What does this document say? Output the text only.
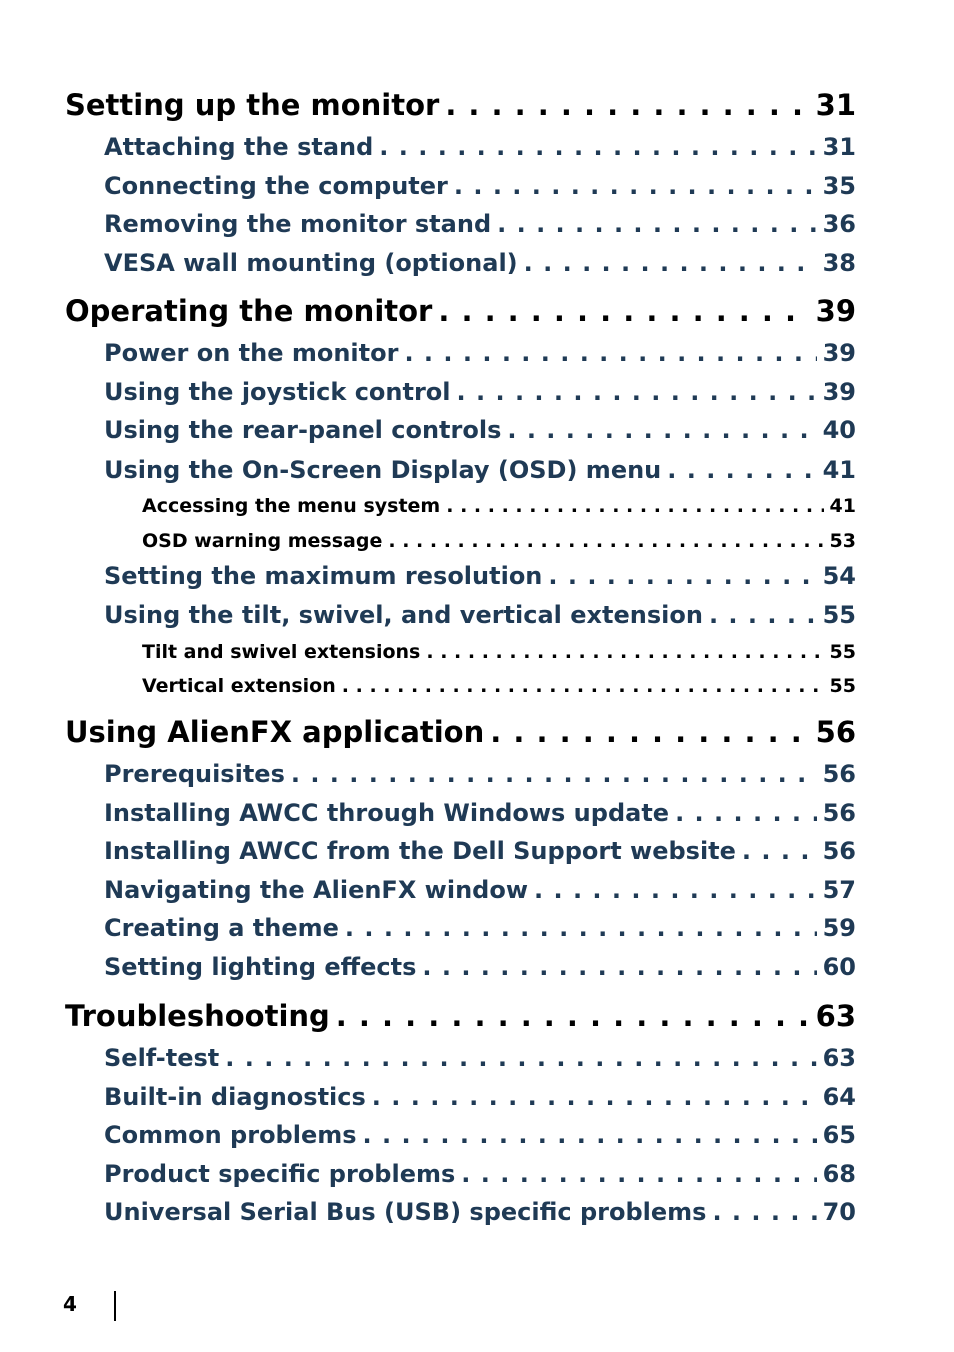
Setting up the monitor . . .	31
Attaching the stand . . .	31
Connecting the computer . . .	35
Removing the monitor stand . . .	36
VESA wall mounting (optional) . . .	38
Operating the monitor . . .	39
Power on the monitor . . .	39
Using the joystick control . . .	39
Using the rear-panel controls . . .	40
Using the On-Screen Display (OSD) menu . . .	41
Accessing the menu system . . .	41
OSD warning message . . .	53
Setting the maximum resolution . . .	54
Using the tilt, swivel, and vertical extension . . .	55
Tilt and swivel extensions . . .	55
Vertical extension . . .	55
Using AlienFX application . . .	56
Prerequisites . . .	56
Installing AWCC through Windows update . . .	56
Installing AWCC from the Dell Support website . . .	56
Navigating the AlienFX window . . .	57
Creating a theme . . .	59
Setting lighting effects . . .	60
Troubleshooting . . .	63
Self-test . . .	63
Built-in diagnostics . . .	64
Common problems . . .	65
Product specific problems . . .	68
Universal Serial Bus (USB) specific problems . . .	70
4
